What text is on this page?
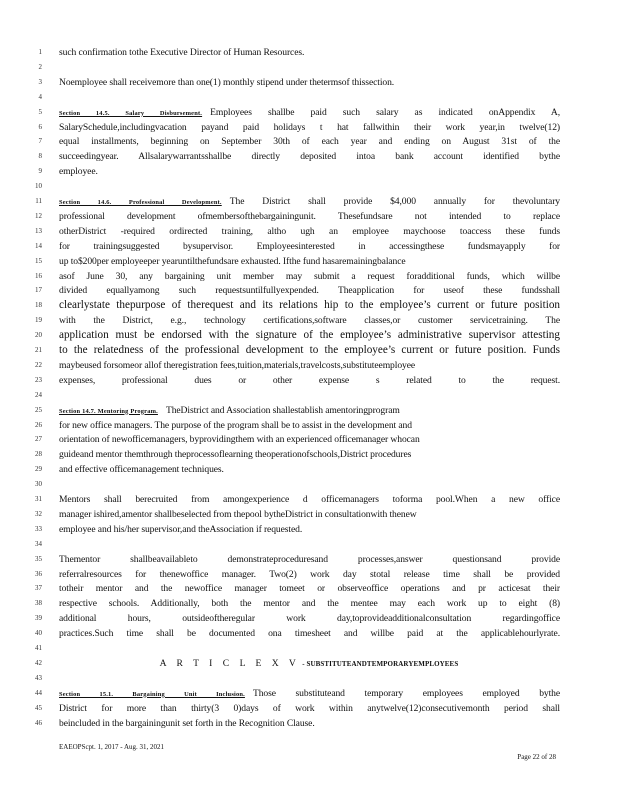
1 such confirmation tothe Executive Director of Human Resources.
2
3 Noemployee shall receivemore than one(1) monthly stipend under thetermsof thissection.
4
5	Section 14.5. Salary Disbursement. Employees shallbe paid such salary as indicated onAppendix A,
6 SalarySchedule,includingvacation payand paid holidays t hat fallwithin their work year,in twelve(12)
7 equal installments, beginning on September 30th of each year and ending on August 31st of the
8 succeedingyear. Allsalarywarrantsshallbe directly deposited intoa bank account identified bythe
9 employee.
10
11	Section 14.6. Professional Development. The District shall provide $4,000 annually for thevoluntary
12 professional development ofmembersofthebargainingunit. Thesefundsare not intended to replace
13 otherDistrict -required ordirected training, altho ugh an employee maychoose toaccess these funds
14 for trainingsuggested bysupervisor. Employeesinterested in accessingthese fundsmayapply for
15 up to$200per employeeper yearuntilthefundsare exhausted. Ifthe fund hasaremainingbalance
16 asof June 30, any bargaining unit member may submit a request foradditional funds, which willbe
17 divided equallyamong such requestsuntilfullyexpended. Theapplication for useof these fundsshall
18 clearlystate thepurpose of therequest and its relations hip to the employee’s current or future position
19 with the District, e.g., technology certifications,software classes,or customer servicetraining. The
20 application must be endorsed with the signature of the employee’s administrative supervisor attesting
21 to the relatedness of the professional development to the employee’s current or future position. Funds
22 maybeused forsomeor allof theregistration fees,tuition,materials,travelcosts,substituteemployee
23 expenses, professional dues or other expense s related to the request.
24
25	Section 14.7. Mentoring Program. TheDistrict and Association shallestablish amentoringprogram
26 for new office managers. The purpose of the program shall be to assist in the development and
27 orientation of newofficemanagers, byprovidingthem with an experienced officemanager whocan
28 guideand mentor themthrough theprocessoflearning theoperationofschools,District procedures
29 and effective officemanagement techniques.
30
31 Mentors shall berecruited from amongexperience d officemanagers toforma pool.When a new office
32 manager ishired,amentor shallbeselected from thepool bytheDistrict in consultationwith thenew
33 employee and his/her supervisor,and theAssociation if requested.
34
35 Thementor shallbeavailableto demonstrateproceduresand processes,answer questionsand provide
36 referralresources for thenewoffice manager. Two(2) work day stotal release time shall be provided
37 totheir mentor and the newoffice manager tomeet or observeoffice operations and pr acticesat their
38 respective schools. Additionally, both the mentor and the mentee may each work up to eight (8)
39 additional hours, outsideoftheregular work day,toprovideadditionalconsultation regardingoffice
40 practices.Such time shall be documented ona timesheet and willbe paid at the applicablehourlyrate.
41
42	A R T I C L E X V - SUBSTITUTEANDTEMPORARYEMPLOYEES
43
44	Section 15.1. Bargaining Unit Inclusion. Those substituteand temporary employees employed bythe
45 District for more than thirty(3 0)days of work within anytwelve(12)consecutivemonth period shall
46 beincluded in the bargainingunit set forth in the Recognition Clause.
EAEOPScpt. 1, 2017 - Aug. 31, 2021
Page 22 of 28
